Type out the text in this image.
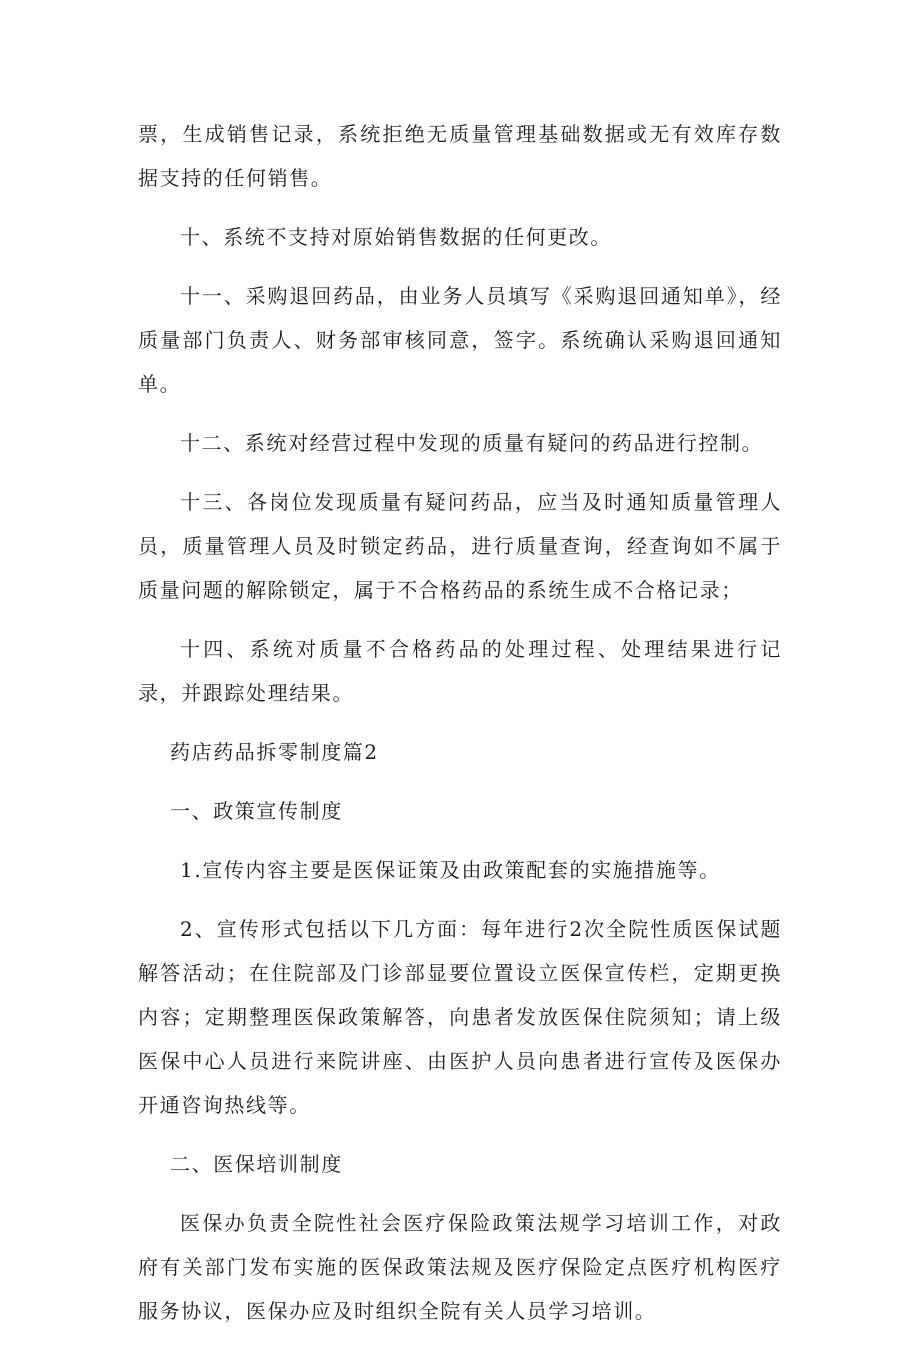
票，生成销售记录，系统拒绝无质量管理基础数据或无有效库存数据支持的任何销售。

十、系统不支持对原始销售数据的任何更改。

十一、采购退回药品，由业务人员填写《采购退回通知单》，经质量部门负责人、财务部审核同意，签字。系统确认采购退回通知单。

十二、系统对经营过程中发现的质量有疑问的药品进行控制。

十三、各岗位发现质量有疑问药品，应当及时通知质量管理人员，质量管理人员及时锁定药品，进行质量查询，经查询如不属于质量问题的解除锁定，属于不合格药品的系统生成不合格记录；

十四、系统对质量不合格药品的处理过程、处理结果进行记录，并跟踪处理结果。

药店药品拆零制度篇2

一、政策宣传制度

1.宣传内容主要是医保证策及由政策配套的实施措施等。

2、宣传形式包括以下几方面：每年进行2次全院性质医保试题解答活动；在住院部及门诊部显要位置设立医保宣传栏，定期更换内容；定期整理医保政策解答，向患者发放医保住院须知；请上级医保中心人员进行来院讲座、由医护人员向患者进行宣传及医保办开通咨询热线等。

二、医保培训制度

医保办负责全院性社会医疗保险政策法规学习培训工作，对政府有关部门发布实施的医保政策法规及医疗保险定点医疗机构医疗服务协议，医保办应及时组织全院有关人员学习培训。
